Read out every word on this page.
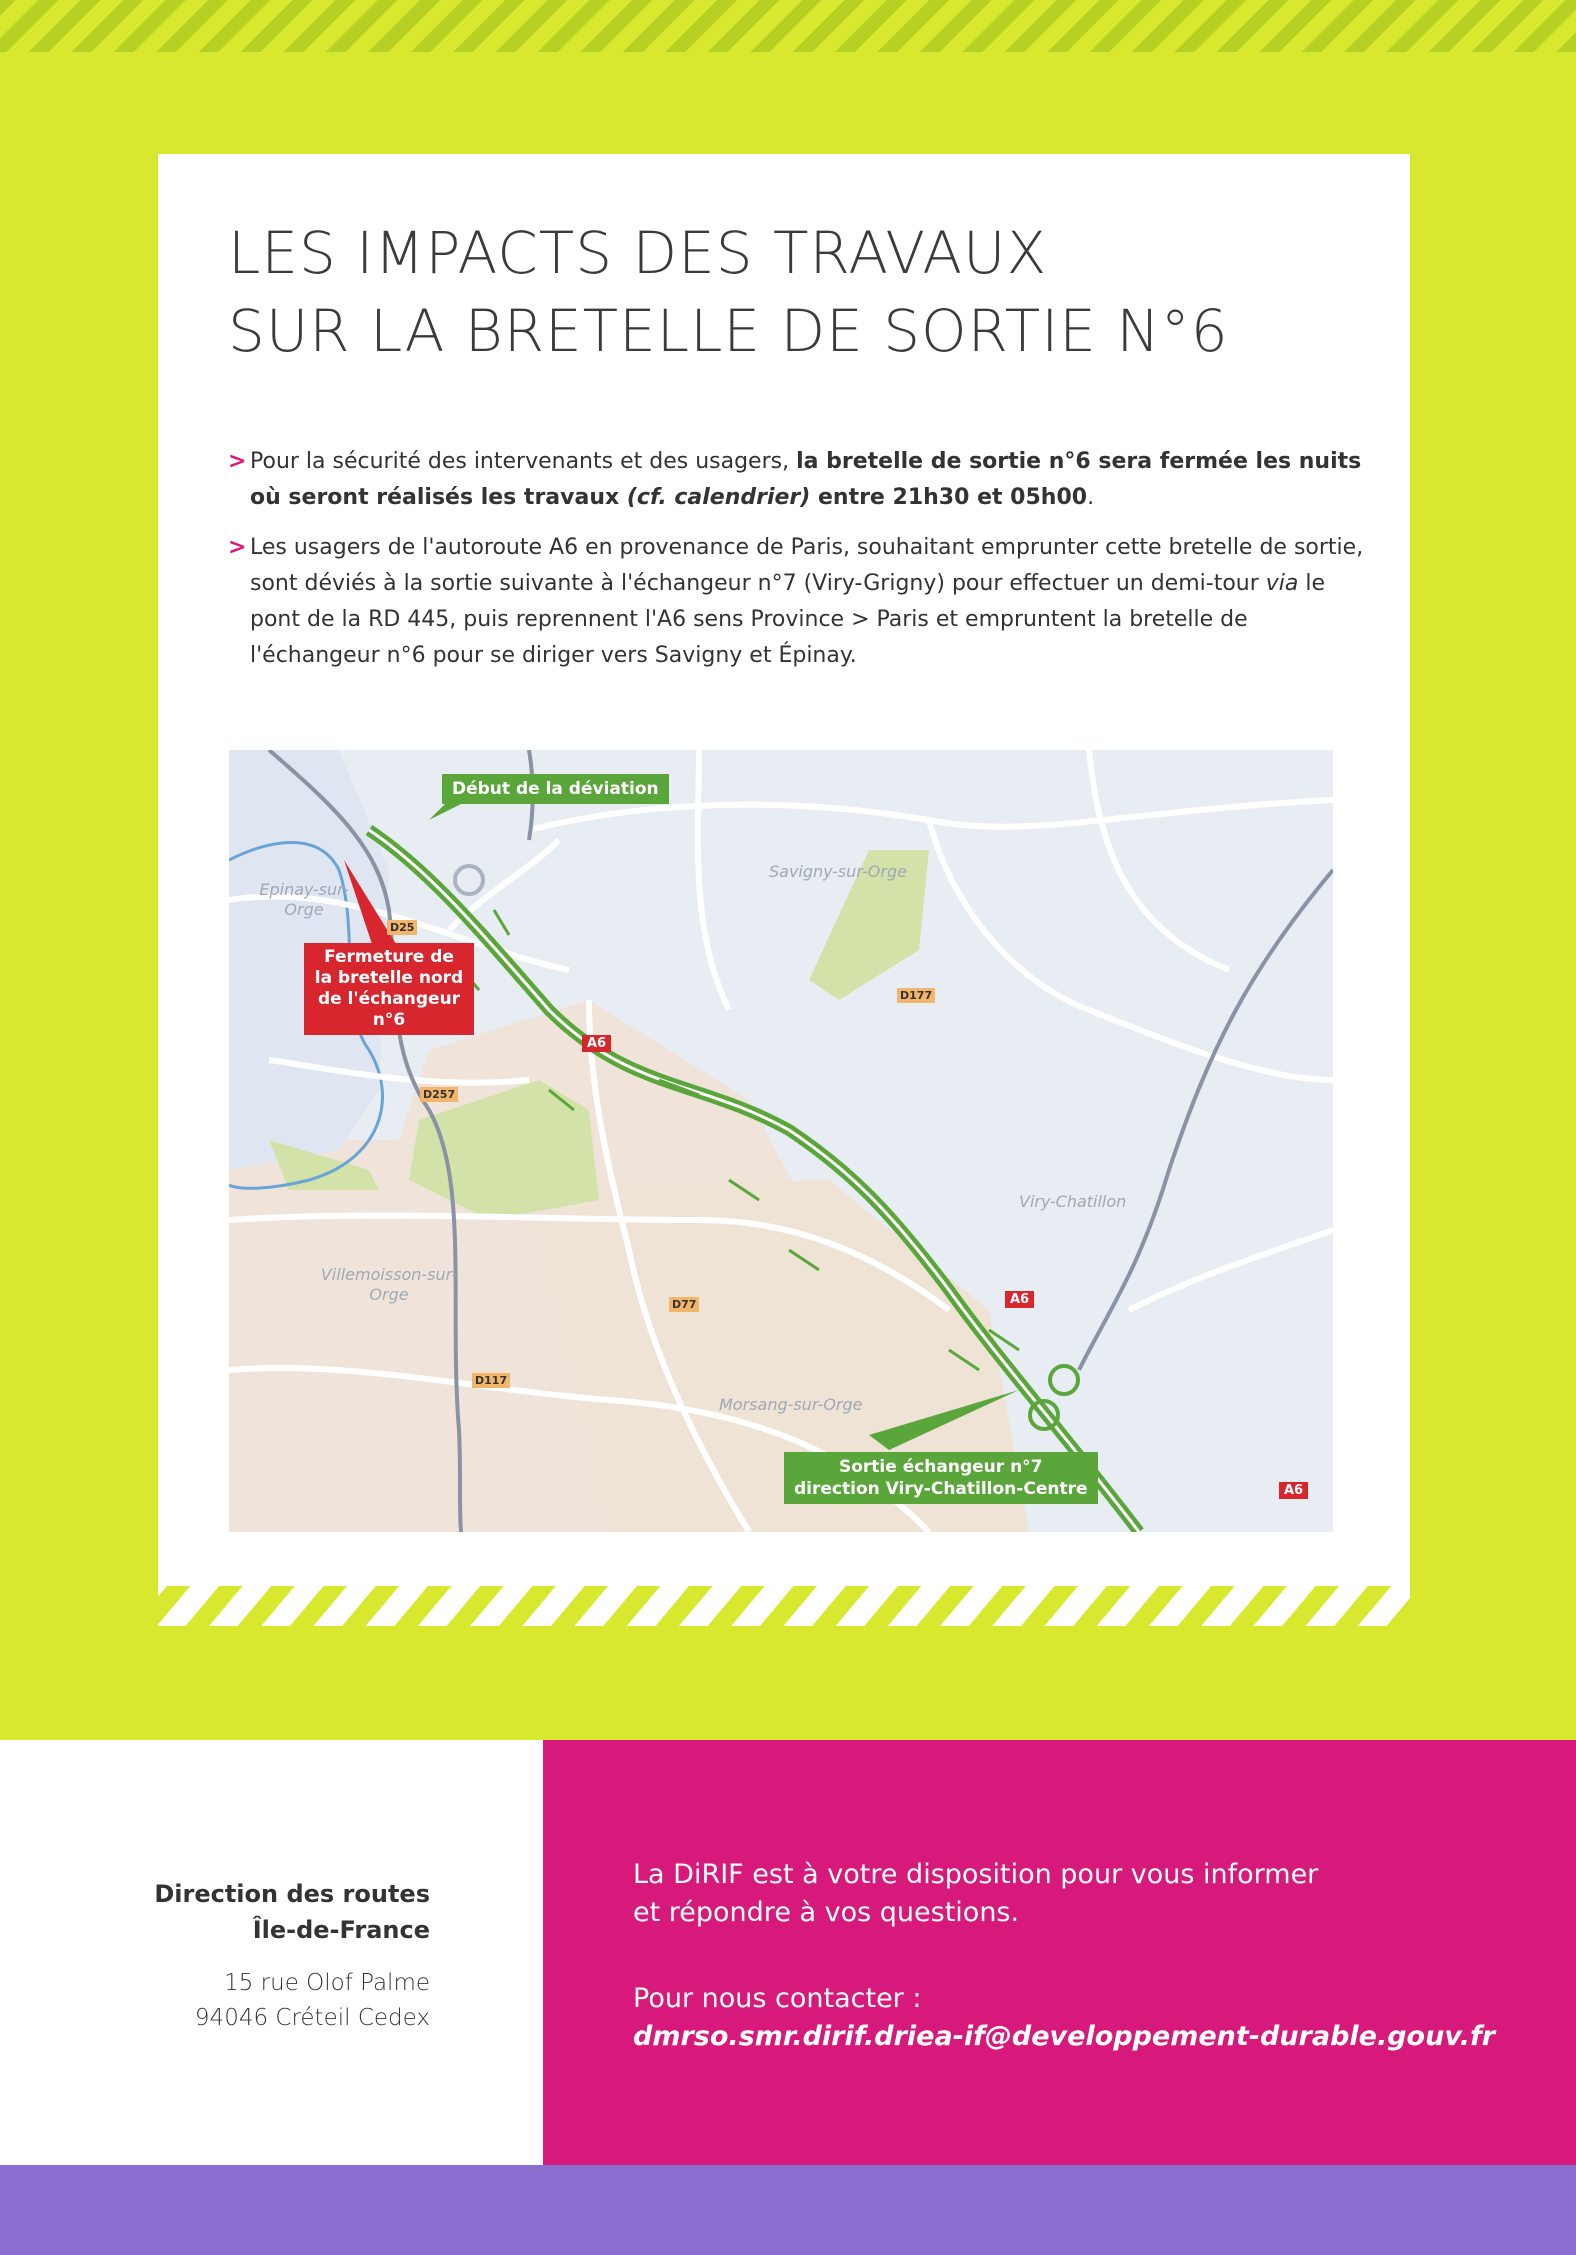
LES IMPACTS DES TRAVAUX
SUR LA BRETELLE DE SORTIE N°6
> Pour la sécurité des intervenants et des usagers, la bretelle de sortie n°6 sera fermée les nuits où seront réalisés les travaux (cf. calendrier) entre 21h30 et 05h00.
> Les usagers de l'autoroute A6 en provenance de Paris, souhaitant emprunter cette bretelle de sortie, sont déviés à la sortie suivante à l'échangeur n°7 (Viry-Grigny) pour effectuer un demi-tour via le pont de la RD 445, puis reprennent l'A6 sens Province > Paris et empruntent la bretelle de l'échangeur n°6 pour se diriger vers Savigny et Épinay.
Début de la déviation
Fermeture de la bretelle nord de l'échangeur n°6
Sortie échangeur n°7
direction Viry-Chatillon-Centre
Epinay-sur-Orge
Savigny-sur-Orge
Viry-Chatillon
Villemoisson-sur-Orge
Morsang-sur-Orge
D25
D257
D177
D77
D117
A6
A6
A6
Direction des routes
Île-de-France
15 rue Olof Palme
94046 Créteil Cedex
La DiRIF est à votre disposition pour vous informer
et répondre à vos questions.
Pour nous contacter :
dmrso.smr.dirif.driea-if@developpement-durable.gouv.fr
